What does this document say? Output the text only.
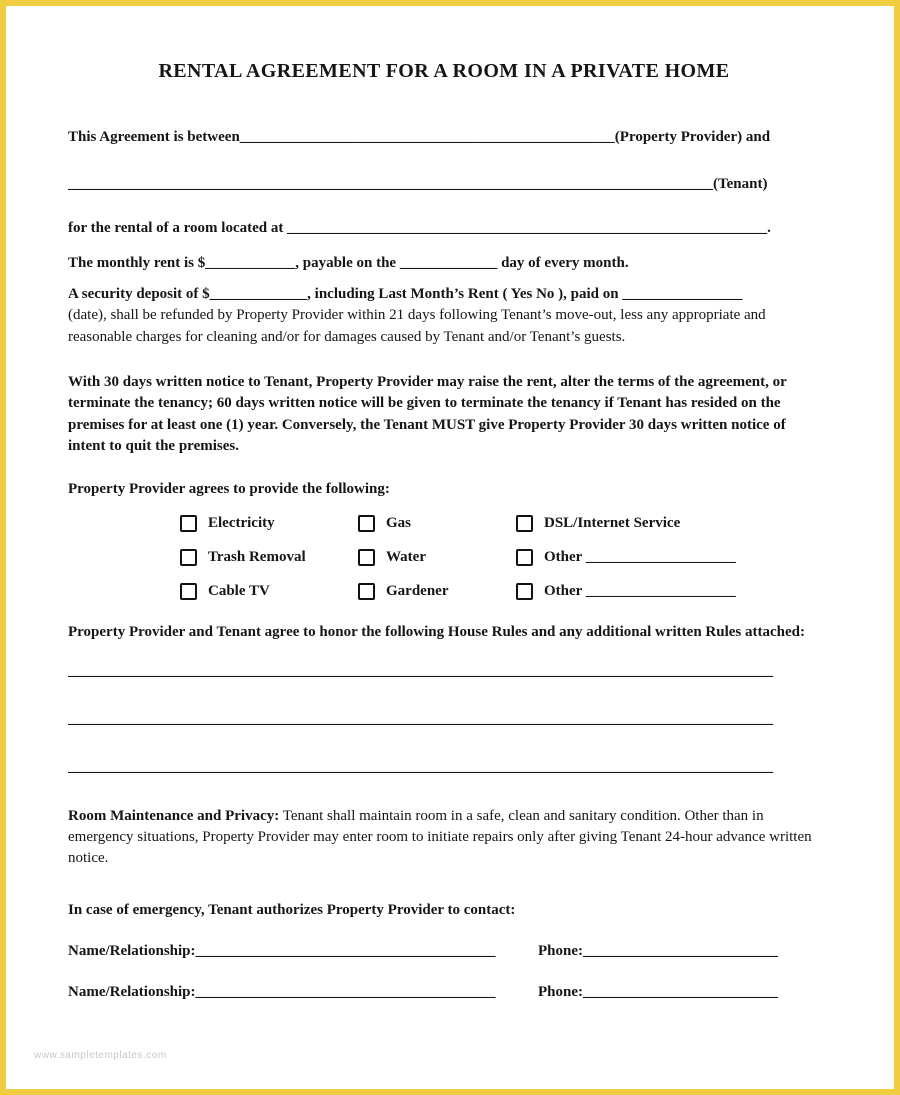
RENTAL AGREEMENT FOR A ROOM IN A PRIVATE HOME

This Agreement is between__________________________________________________(Property Provider) and

______________________________________________________________________________________(Tenant)

for the rental of a room located at ________________________________________________________________.

The monthly rent is $____________, payable on the _____________ day of every month.

A security deposit of $_____________, including Last Month’s Rent ( Yes No ), paid on ________________

(date), shall be refunded by Property Provider within 21 days following Tenant’s move-out, less any appropriate and reasonable charges for cleaning and/or for damages caused by Tenant and/or Tenant’s guests.

With 30 days written notice to Tenant, Property Provider may raise the rent, alter the terms of the agreement, or terminate the tenancy; 60 days written notice will be given to terminate the tenancy if Tenant has resided on the premises for at least one (1) year. Conversely, the Tenant MUST give Property Provider 30 days written notice of intent to quit the premises.

Property Provider agrees to provide the following:

Electricity	Gas	DSL/Internet Service
Trash Removal	Water	Other ____________________
Cable TV	Gardener	Other ____________________

Property Provider and Tenant agree to honor the following House Rules and any additional written Rules attached:

______________________________________________________________________________________________

______________________________________________________________________________________________

______________________________________________________________________________________________

Room Maintenance and Privacy: Tenant shall maintain room in a safe, clean and sanitary condition. Other than in emergency situations, Property Provider may enter room to initiate repairs only after giving Tenant 24-hour advance written notice.

In case of emergency, Tenant authorizes Property Provider to contact:

Name/Relationship:________________________________________	Phone:__________________________
Name/Relationship:________________________________________	Phone:__________________________
www.sampletemplates.com
